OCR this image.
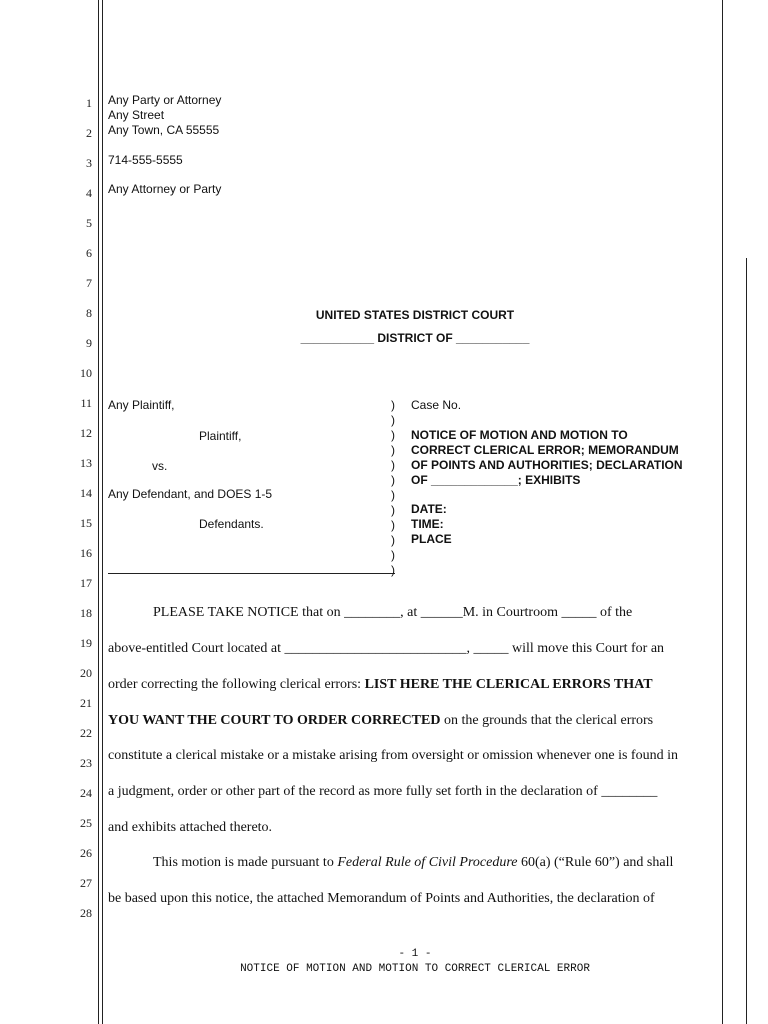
1
2
3
4
5
6
7
8
9
10
11
12
13
14
15
16
17
18
19
20
21
22
23
24
25
26
27
28
Any Party or Attorney
Any Street
Any Town, CA 55555
714-555-5555
Any Attorney or Party
UNITED STATES DISTRICT COURT
___________ DISTRICT OF ___________
Any Plaintiff,
Plaintiff,
vs.
Any Defendant, and DOES 1-5
Defendants.
)
)
)
)
)
)
)
)
)
)
)
)
Case No.
NOTICE OF MOTION AND MOTION TO
CORRECT CLERICAL ERROR; MEMORANDUM
OF POINTS AND AUTHORITIES; DECLARATION
OF _____________; EXHIBITS
DATE:
TIME:
PLACE
PLEASE TAKE NOTICE that on ________, at ______M. in Courtroom _____ of the
above-entitled Court located at __________________________, _____ will move this Court for an
order correcting the following clerical errors: LIST HERE THE CLERICAL ERRORS THAT
YOU WANT THE COURT TO ORDER CORRECTED on the grounds that the clerical errors
constitute a clerical mistake or a mistake arising from oversight or omission whenever one is found in
a judgment, order or other part of the record as more fully set forth in the declaration of ________
and exhibits attached thereto.
This motion is made pursuant to Federal Rule of Civil Procedure 60(a) (“Rule 60”) and shall
be based upon this notice, the attached Memorandum of Points and Authorities, the declaration of
- 1 -
NOTICE OF MOTION AND MOTION TO CORRECT CLERICAL ERROR
